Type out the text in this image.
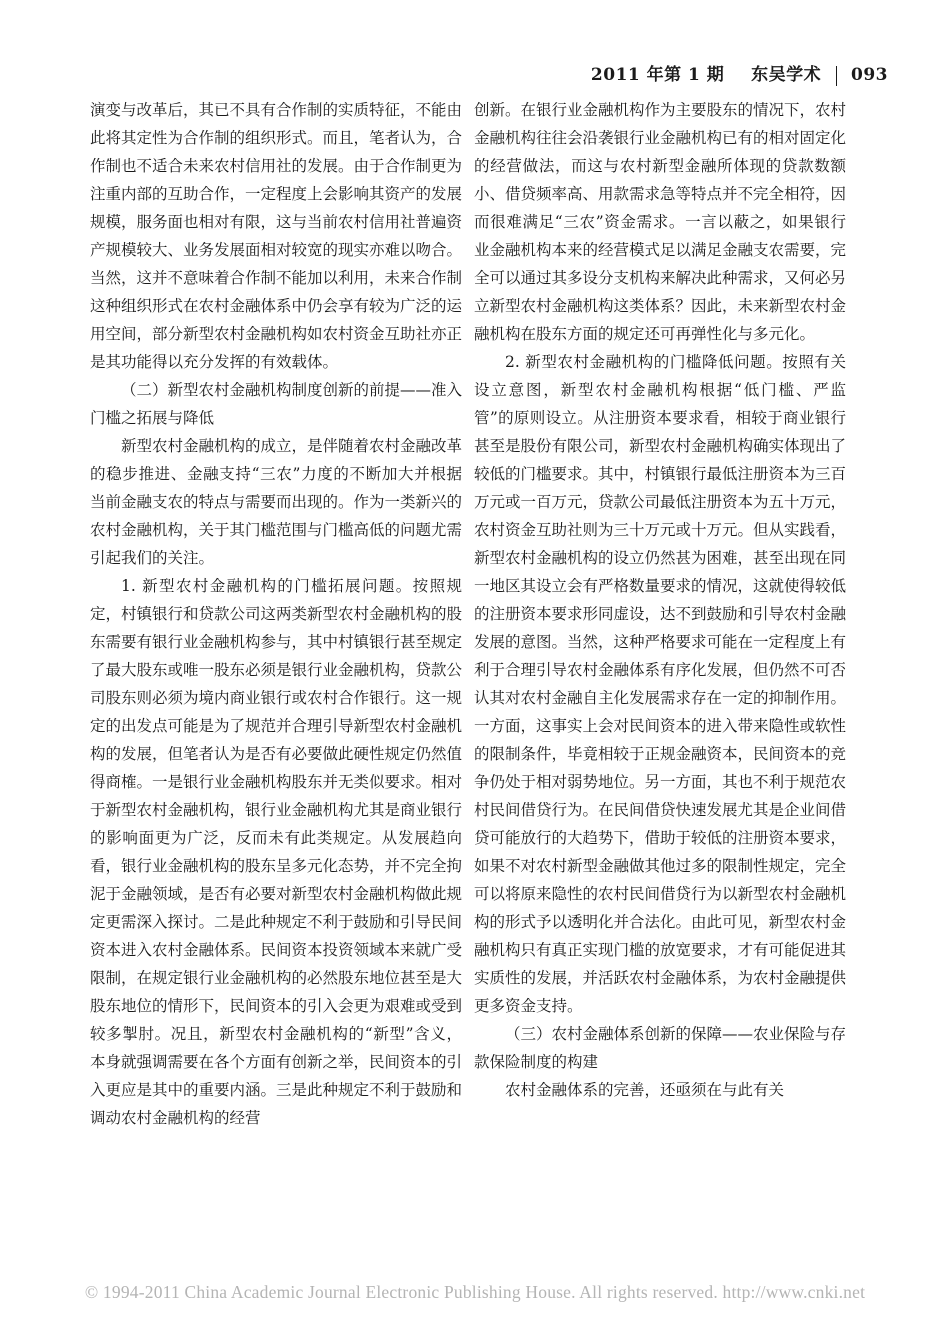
2011 年第 1 期 东吴学术 093

演变与改革后，其已不具有合作制的实质特征，不能由此将其定性为合作制的组织形式。而且，笔者认为，合作制也不适合未来农村信用社的发展。由于合作制更为注重内部的互助合作，一定程度上会影响其资产的发展规模，服务面也相对有限，这与当前农村信用社普遍资产规模较大、业务发展面相对较宽的现实亦难以吻合。当然，这并不意味着合作制不能加以利用，未来合作制这种组织形式在农村金融体系中仍会享有较为广泛的运用空间，部分新型农村金融机构如农村资金互助社亦正是其功能得以充分发挥的有效载体。

（二）新型农村金融机构制度创新的前提——准入门槛之拓展与降低

新型农村金融机构的成立，是伴随着农村金融改革的稳步推进、金融支持“三农”力度的不断加大并根据当前金融支农的特点与需要而出现的。作为一类新兴的农村金融机构，关于其门槛范围与门槛高低的问题尤需引起我们的关注。

1. 新型农村金融机构的门槛拓展问题。按照规定，村镇银行和贷款公司这两类新型农村金融机构的股东需要有银行业金融机构参与，其中村镇银行甚至规定了最大股东或唯一股东必须是银行业金融机构，贷款公司股东则必须为境内商业银行或农村合作银行。这一规定的出发点可能是为了规范并合理引导新型农村金融机构的发展，但笔者认为是否有必要做此硬性规定仍然值得商榷。一是银行业金融机构股东并无类似要求。相对于新型农村金融机构，银行业金融机构尤其是商业银行的影响面更为广泛，反而未有此类规定。从发展趋向看，银行业金融机构的股东呈多元化态势，并不完全拘泥于金融领域，是否有必要对新型农村金融机构做此规定更需深入探讨。二是此种规定不利于鼓励和引导民间资本进入农村金融体系。民间资本投资领域本来就广受限制，在规定银行业金融机构的必然股东地位甚至是大股东地位的情形下，民间资本的引入会更为艰难或受到较多掣肘。况且，新型农村金融机构的“新型”含义，本身就强调需要在各个方面有创新之举，民间资本的引入更应是其中的重要内涵。三是此种规定不利于鼓励和调动农村金融机构的经营

创新。在银行业金融机构作为主要股东的情况下，农村金融机构往往会沿袭银行业金融机构已有的相对固定化的经营做法，而这与农村新型金融所体现的贷款数额小、借贷频率高、用款需求急等特点并不完全相符，因而很难满足“三农”资金需求。一言以蔽之，如果银行业金融机构本来的经营模式足以满足金融支农需要，完全可以通过其多设分支机构来解决此种需求，又何必另立新型农村金融机构这类体系？因此，未来新型农村金融机构在股东方面的规定还可再弹性化与多元化。

2. 新型农村金融机构的门槛降低问题。按照有关设立意图，新型农村金融机构根据“低门槛、严监管”的原则设立。从注册资本要求看，相较于商业银行甚至是股份有限公司，新型农村金融机构确实体现出了较低的门槛要求。其中，村镇银行最低注册资本为三百万元或一百万元，贷款公司最低注册资本为五十万元，农村资金互助社则为三十万元或十万元。但从实践看，新型农村金融机构的设立仍然甚为困难，甚至出现在同一地区其设立会有严格数量要求的情况，这就使得较低的注册资本要求形同虚设，达不到鼓励和引导农村金融发展的意图。当然，这种严格要求可能在一定程度上有利于合理引导农村金融体系有序化发展，但仍然不可否认其对农村金融自主化发展需求存在一定的抑制作用。一方面，这事实上会对民间资本的进入带来隐性或软性的限制条件，毕竟相较于正规金融资本，民间资本的竞争仍处于相对弱势地位。另一方面，其也不利于规范农村民间借贷行为。在民间借贷快速发展尤其是企业间借贷可能放行的大趋势下，借助于较低的注册资本要求，如果不对农村新型金融做其他过多的限制性规定，完全可以将原来隐性的农村民间借贷行为以新型农村金融机构的形式予以透明化并合法化。由此可见，新型农村金融机构只有真正实现门槛的放宽要求，才有可能促进其实质性的发展，并活跃农村金融体系，为农村金融提供更多资金支持。

（三）农村金融体系创新的保障——农业保险与存款保险制度的构建

农村金融体系的完善，还亟须在与此有关

© 1994-2011 China Academic Journal Electronic Publishing House. All rights reserved. http://www.cnki.net
